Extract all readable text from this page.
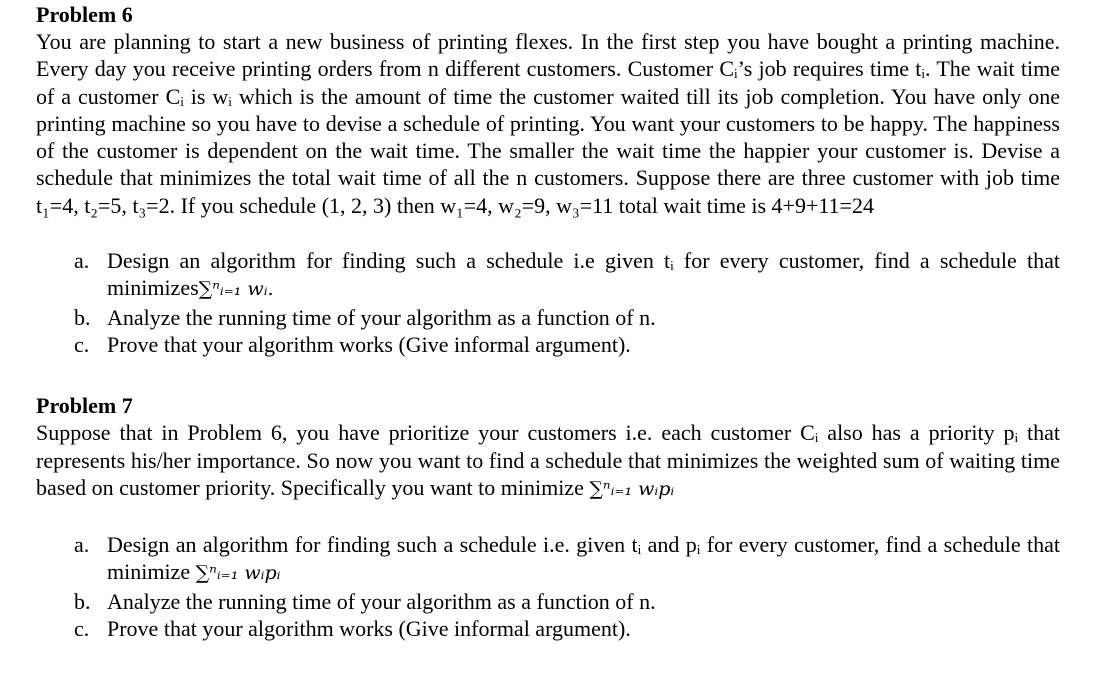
Problem 6

You are planning to start a new business of printing flexes. In the first step you have bought a printing machine. Every day you receive printing orders from n different customers. Customer Cᵢ’s job requires time tᵢ. The wait time of a customer Cᵢ is wᵢ which is the amount of time the customer waited till its job completion. You have only one printing machine so you have to devise a schedule of printing. You want your customers to be happy. The happiness of the customer is dependent on the wait time. The smaller the wait time the happier your customer is. Devise a schedule that minimizes the total wait time of all the n customers. Suppose there are three customer with job time t₁=4, t₂=5, t₃=2. If you schedule (1, 2, 3) then w₁=4, w₂=9, w₃=11 total wait time is 4+9+11=24

a. Design an algorithm for finding such a schedule i.e given tᵢ for every customer, find a schedule that minimizes∑ⁿᵢ₌₁ wᵢ.
b. Analyze the running time of your algorithm as a function of n.
c. Prove that your algorithm works (Give informal argument).
Problem 7

Suppose that in Problem 6, you have prioritize your customers i.e. each customer Cᵢ also has a priority pᵢ that represents his/her importance. So now you want to find a schedule that minimizes the weighted sum of waiting time based on customer priority. Specifically you want to minimize ∑ⁿᵢ₌₁ wᵢpᵢ

a. Design an algorithm for finding such a schedule i.e. given tᵢ and pᵢ for every customer, find a schedule that minimize ∑ⁿᵢ₌₁ wᵢpᵢ
b. Analyze the running time of your algorithm as a function of n.
c. Prove that your algorithm works (Give informal argument).
